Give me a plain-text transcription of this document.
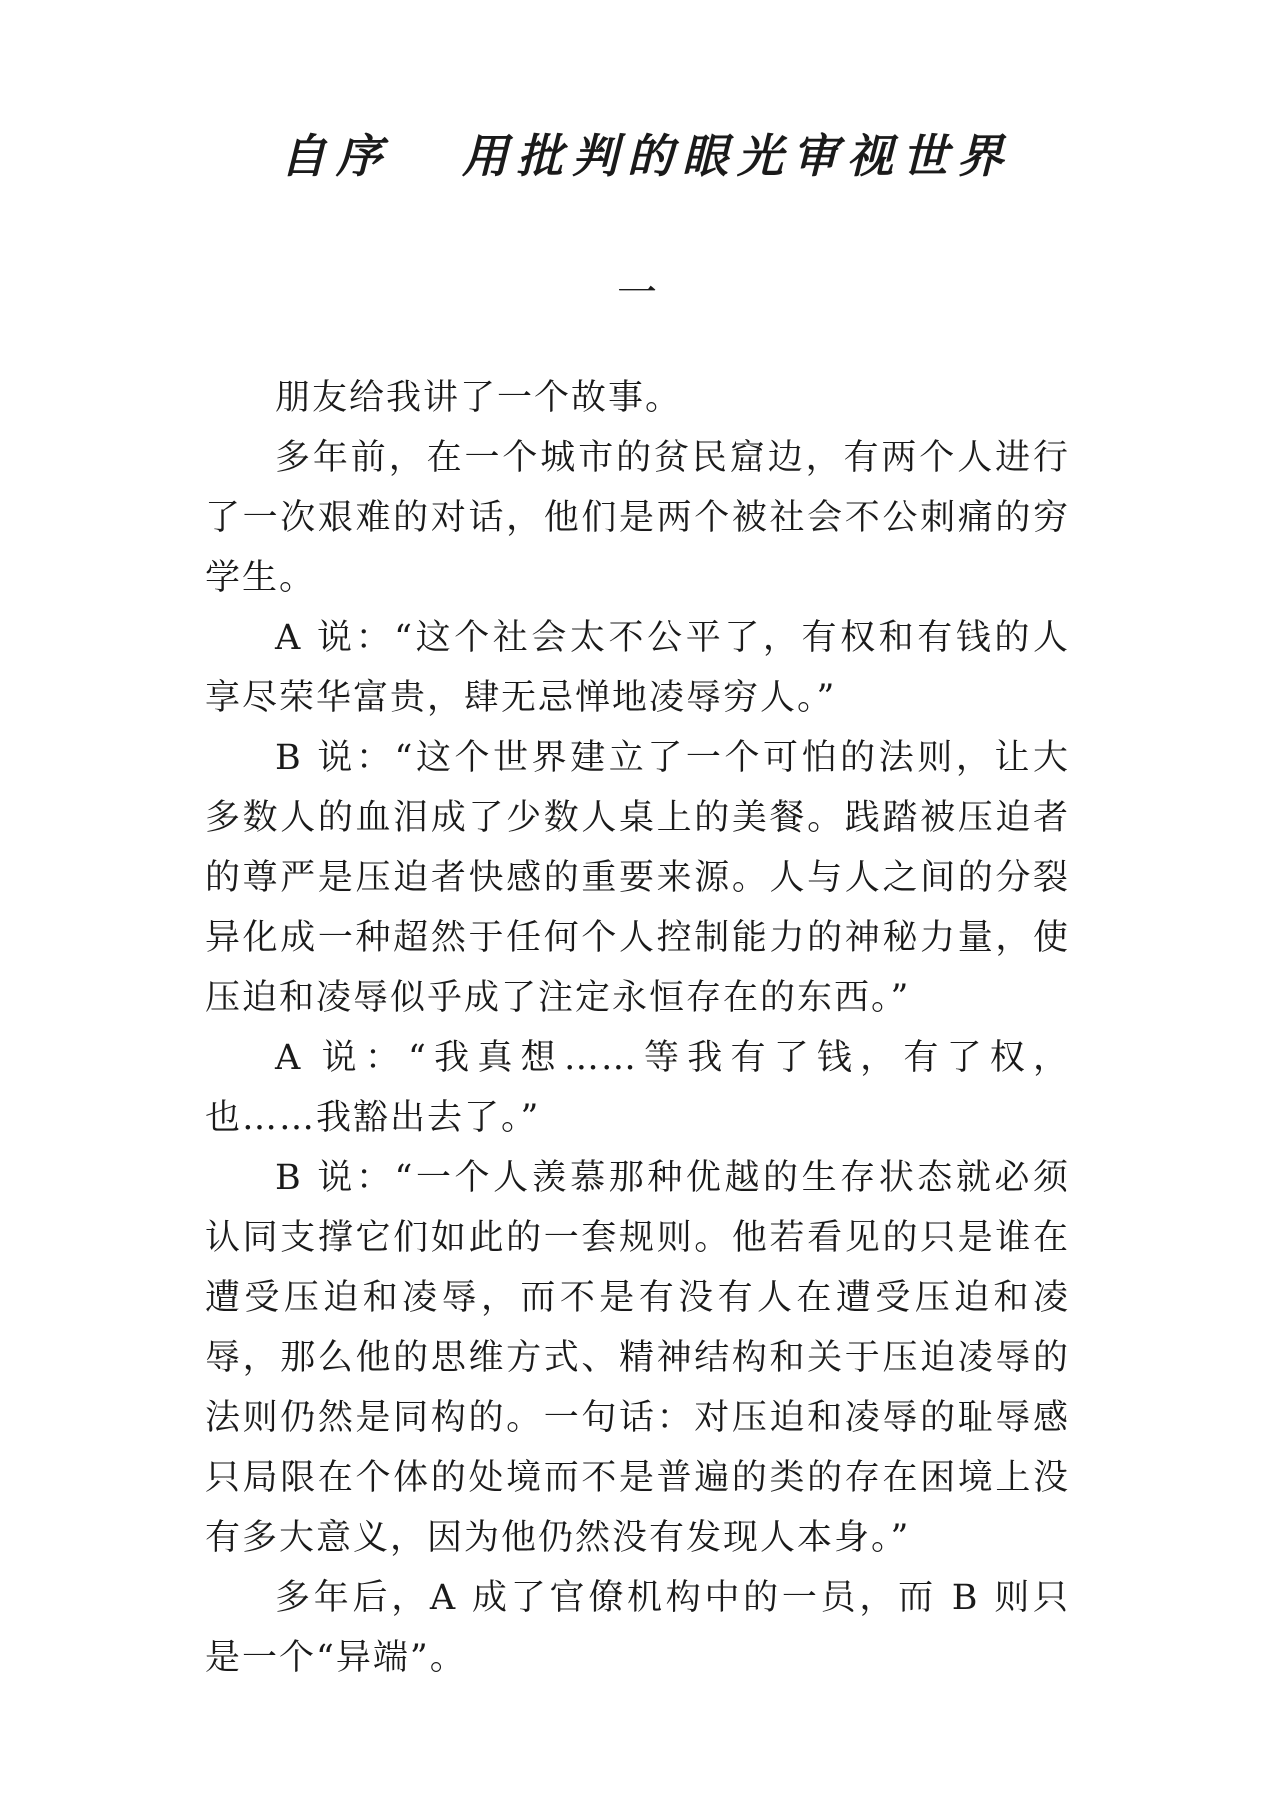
自序 用批判的眼光审视世界
一

朋友给我讲了一个故事。

多年前，在一个城市的贫民窟边，有两个人进行了一次艰难的对话，他们是两个被社会不公刺痛的穷学生。

A 说：“这个社会太不公平了，有权和有钱的人享尽荣华富贵，肆无忌惮地凌辱穷人。”

B 说：“这个世界建立了一个可怕的法则，让大多数人的血泪成了少数人桌上的美餐。践踏被压迫者的尊严是压迫者快感的重要来源。人与人之间的分裂异化成一种超然于任何个人控制能力的神秘力量，使压迫和凌辱似乎成了注定永恒存在的东西。”

A 说：“我真想……等我有了钱，有了权，也……我豁出去了。”

B 说：“一个人羡慕那种优越的生存状态就必须认同支撑它们如此的一套规则。他若看见的只是谁在遭受压迫和凌辱，而不是有没有人在遭受压迫和凌辱，那么他的思维方式、精神结构和关于压迫凌辱的法则仍然是同构的。一句话：对压迫和凌辱的耻辱感只局限在个体的处境而不是普遍的类的存在困境上没有多大意义，因为他仍然没有发现人本身。”

多年后，A 成了官僚机构中的一员，而 B 则只是一个“异端”。
